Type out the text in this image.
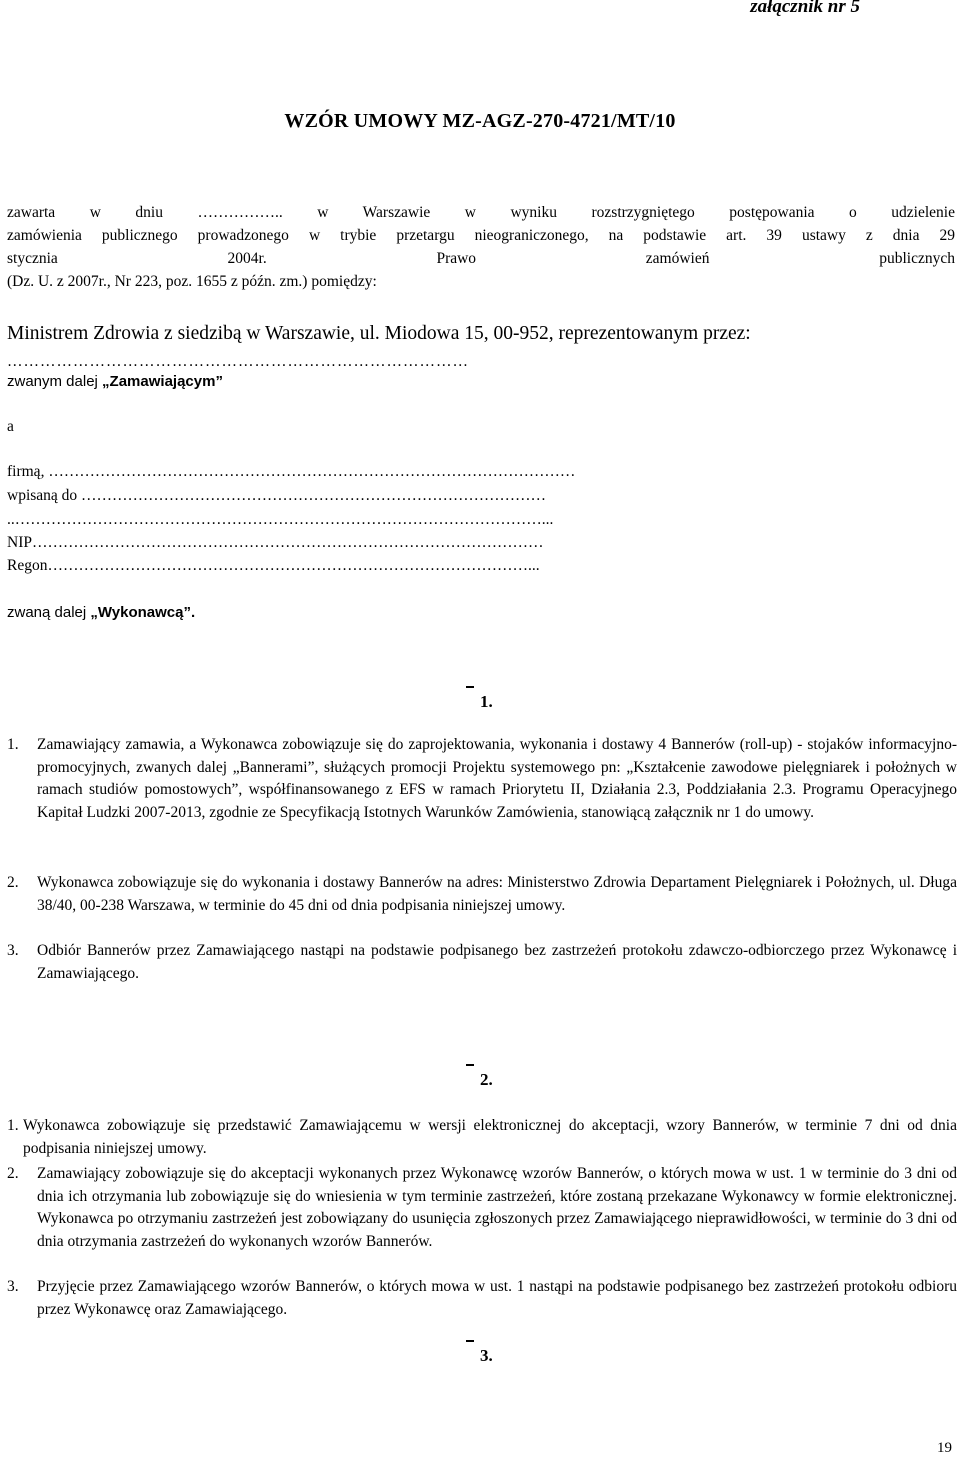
załącznik nr 5
WZÓR UMOWY MZ-AGZ-270-4721/MT/10
zawarta w dniu …………….. w Warszawie w wyniku rozstrzygniętego postępowania o udzielenie
zamówienia publicznego prowadzonego w trybie przetargu nieograniczonego, na podstawie art. 39 ustawy z dnia 29
stycznia 2004r. Prawo zamówień publicznych
(Dz. U. z 2007r., Nr 223, poz. 1655 z późn. zm.) pomiędzy:
Ministrem Zdrowia z siedzibą w Warszawie, ul. Miodowa 15, 00-952, reprezentowanym przez:
…………………………………………………………………………
zwanym dalej „Zamawiającym”
a
firmą, …………………………………………………………………………………………
wpisaną do ………………………………………………………………………………
..…………………………………………………………………………………………...
NIP………………………………………………………………………………………
Regon…………………………………………………………………………………...
zwaną dalej „Wykonawcą”.
1.
1. Zamawiający zamawia, a Wykonawca zobowiązuje się do zaprojektowania, wykonania i dostawy 4 Bannerów (roll-up) - stojaków informacyjno-promocyjnych, zwanych dalej „Bannerami”, służących promocji Projektu systemowego pn: „Kształcenie zawodowe pielęgniarek i położnych w ramach studiów pomostowych”, współfinansowanego z EFS w ramach Priorytetu II, Działania 2.3, Poddziałania 2.3. Programu Operacyjnego Kapitał Ludzki 2007-2013, zgodnie ze Specyfikacją Istotnych Warunków Zamówienia, stanowiącą załącznik nr 1 do umowy.
2. Wykonawca zobowiązuje się do wykonania i dostawy Bannerów na adres: Ministerstwo Zdrowia Departament Pielęgniarek i Położnych, ul. Długa 38/40, 00-238 Warszawa, w terminie do 45 dni od dnia podpisania niniejszej umowy.
3. Odbiór Bannerów przez Zamawiającego nastąpi na podstawie podpisanego bez zastrzeżeń protokołu zdawczo-odbiorczego przez Wykonawcę i Zamawiającego.
2.
1. Wykonawca zobowiązuje się przedstawić Zamawiającemu w wersji elektronicznej do akceptacji, wzory Bannerów, w terminie 7 dni od dnia podpisania niniejszej umowy.
2. Zamawiający zobowiązuje się do akceptacji wykonanych przez Wykonawcę wzorów Bannerów, o których mowa w ust. 1 w terminie do 3 dni od dnia ich otrzymania lub zobowiązuje się do wniesienia w tym terminie zastrzeżeń, które zostaną przekazane Wykonawcy w formie elektronicznej. Wykonawca po otrzymaniu zastrzeżeń jest zobowiązany do usunięcia zgłoszonych przez Zamawiającego nieprawidłowości, w terminie do 3 dni od dnia otrzymania zastrzeżeń do wykonanych wzorów Bannerów.
3. Przyjęcie przez Zamawiającego wzorów Bannerów, o których mowa w ust. 1 nastąpi na podstawie podpisanego bez zastrzeżeń protokołu odbioru przez Wykonawcę oraz Zamawiającego.
3.
19
